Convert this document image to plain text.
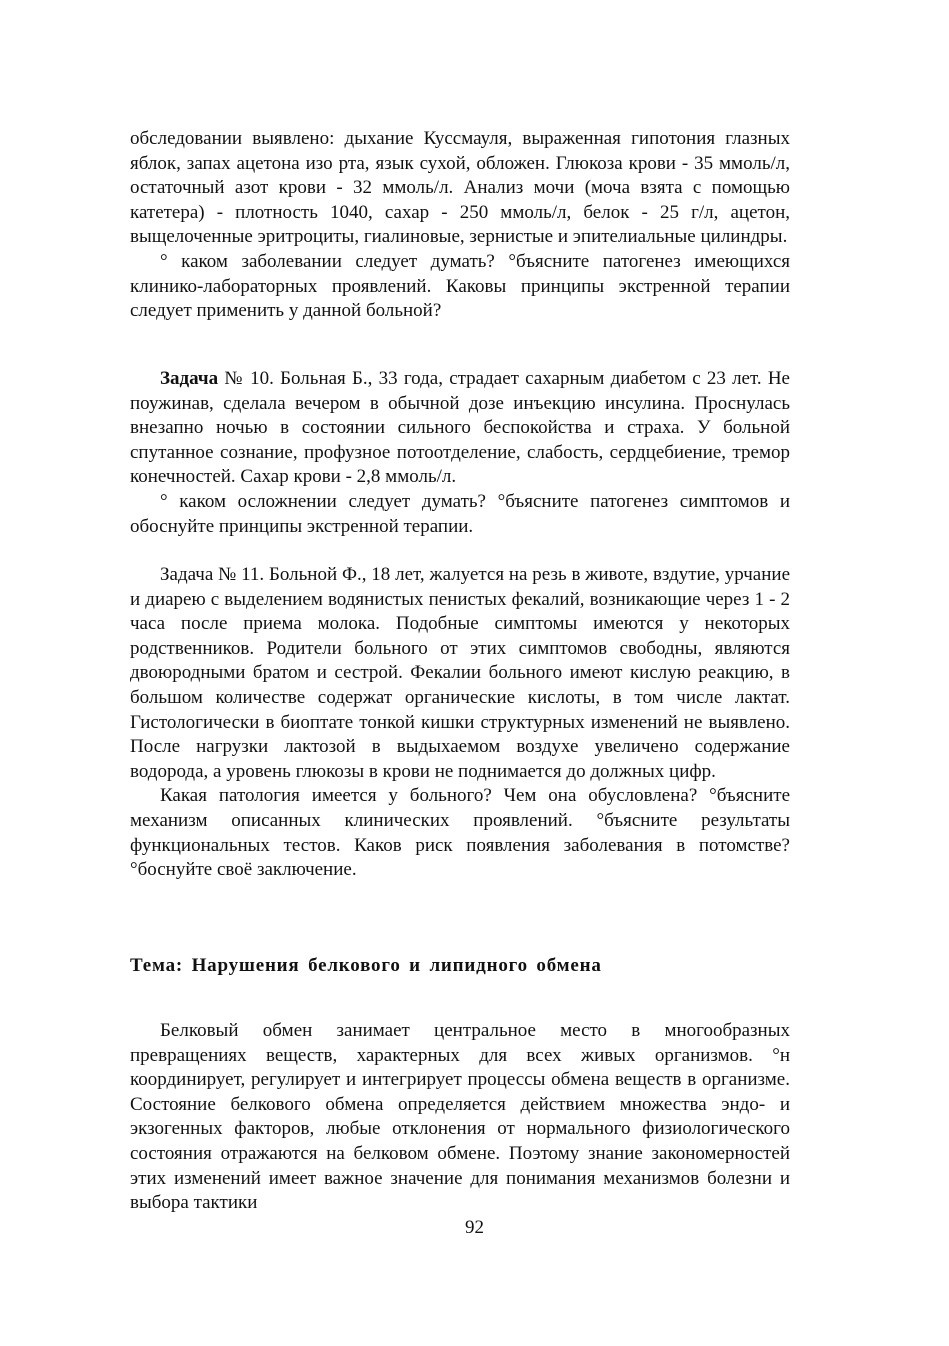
обследовании выявлено: дыхание Куссмауля, выраженная гипотония глазных яблок, запах ацетона изо рта, язык сухой, обложен. Глюкоза крови - 35 ммоль/л, остаточный азот крови - 32 ммоль/л. Анализ мочи (моча взята с помощью катетера) - плотность 1040, сахар - 250 ммоль/л, белок - 25 г/л, ацетон, выщелоченные эритроциты, гиалиновые, зернистые и эпителиальные цилиндры.

° каком заболевании следует думать? °бъясните патогенез имеющихся клинико-лабораторных проявлений. Каковы принципы экстренной терапии следует применить у данной больной?

Задача № 10. Больная Б., 33 года, страдает сахарным диабетом с 23 лет. Не поужинав, сделала вечером в обычной дозе инъекцию инсулина. Проснулась внезапно ночью в состоянии сильного беспокойства и страха. У больной спутанное сознание, профузное потоотделение, слабость, сердцебиение, тремор конечностей. Сахар крови - 2,8 ммоль/л.

° каком осложнении следует думать? °бъясните патогенез симптомов и обоснуйте принципы экстренной терапии.

Задача № 11. Больной Ф., 18 лет, жалуется на резь в животе, вздутие, урчание и диарею с выделением водянистых пенистых фекалий, возникающие через 1 - 2 часа после приема молока. Подобные симптомы имеются у некоторых родственников. Родители больного от этих симптомов свободны, являются двоюродными братом и сестрой. Фекалии больного имеют кислую реакцию, в большом количестве содержат органические кислоты, в том числе лактат. Гистологически в биоптате тонкой кишки структурных изменений не выявлено. После нагрузки лактозой в выдыхаемом воздухе увеличено содержание водорода, а уровень глюкозы в крови не поднимается до должных цифр.

Какая патология имеется у больного? Чем она обусловлена? °бъясните механизм описанных клинических проявлений. °бъясните результаты функциональных тестов. Каков риск появления заболевания в потомстве? °боснуйте своё заключение.

Тема: Нарушения белкового и липидного обмена

Белковый обмен занимает центральное место в многообразных превращениях веществ, характерных для всех живых организмов. °н координирует, регулирует и интегрирует процессы обмена веществ в организме. Состояние белкового обмена определяется действием множества эндо- и экзогенных факторов, любые отклонения от нормального физиологического состояния отражаются на белковом обмене. Поэтому знание закономерностей этих изменений имеет важное значение для понимания механизмов болезни и выбора тактики

92
